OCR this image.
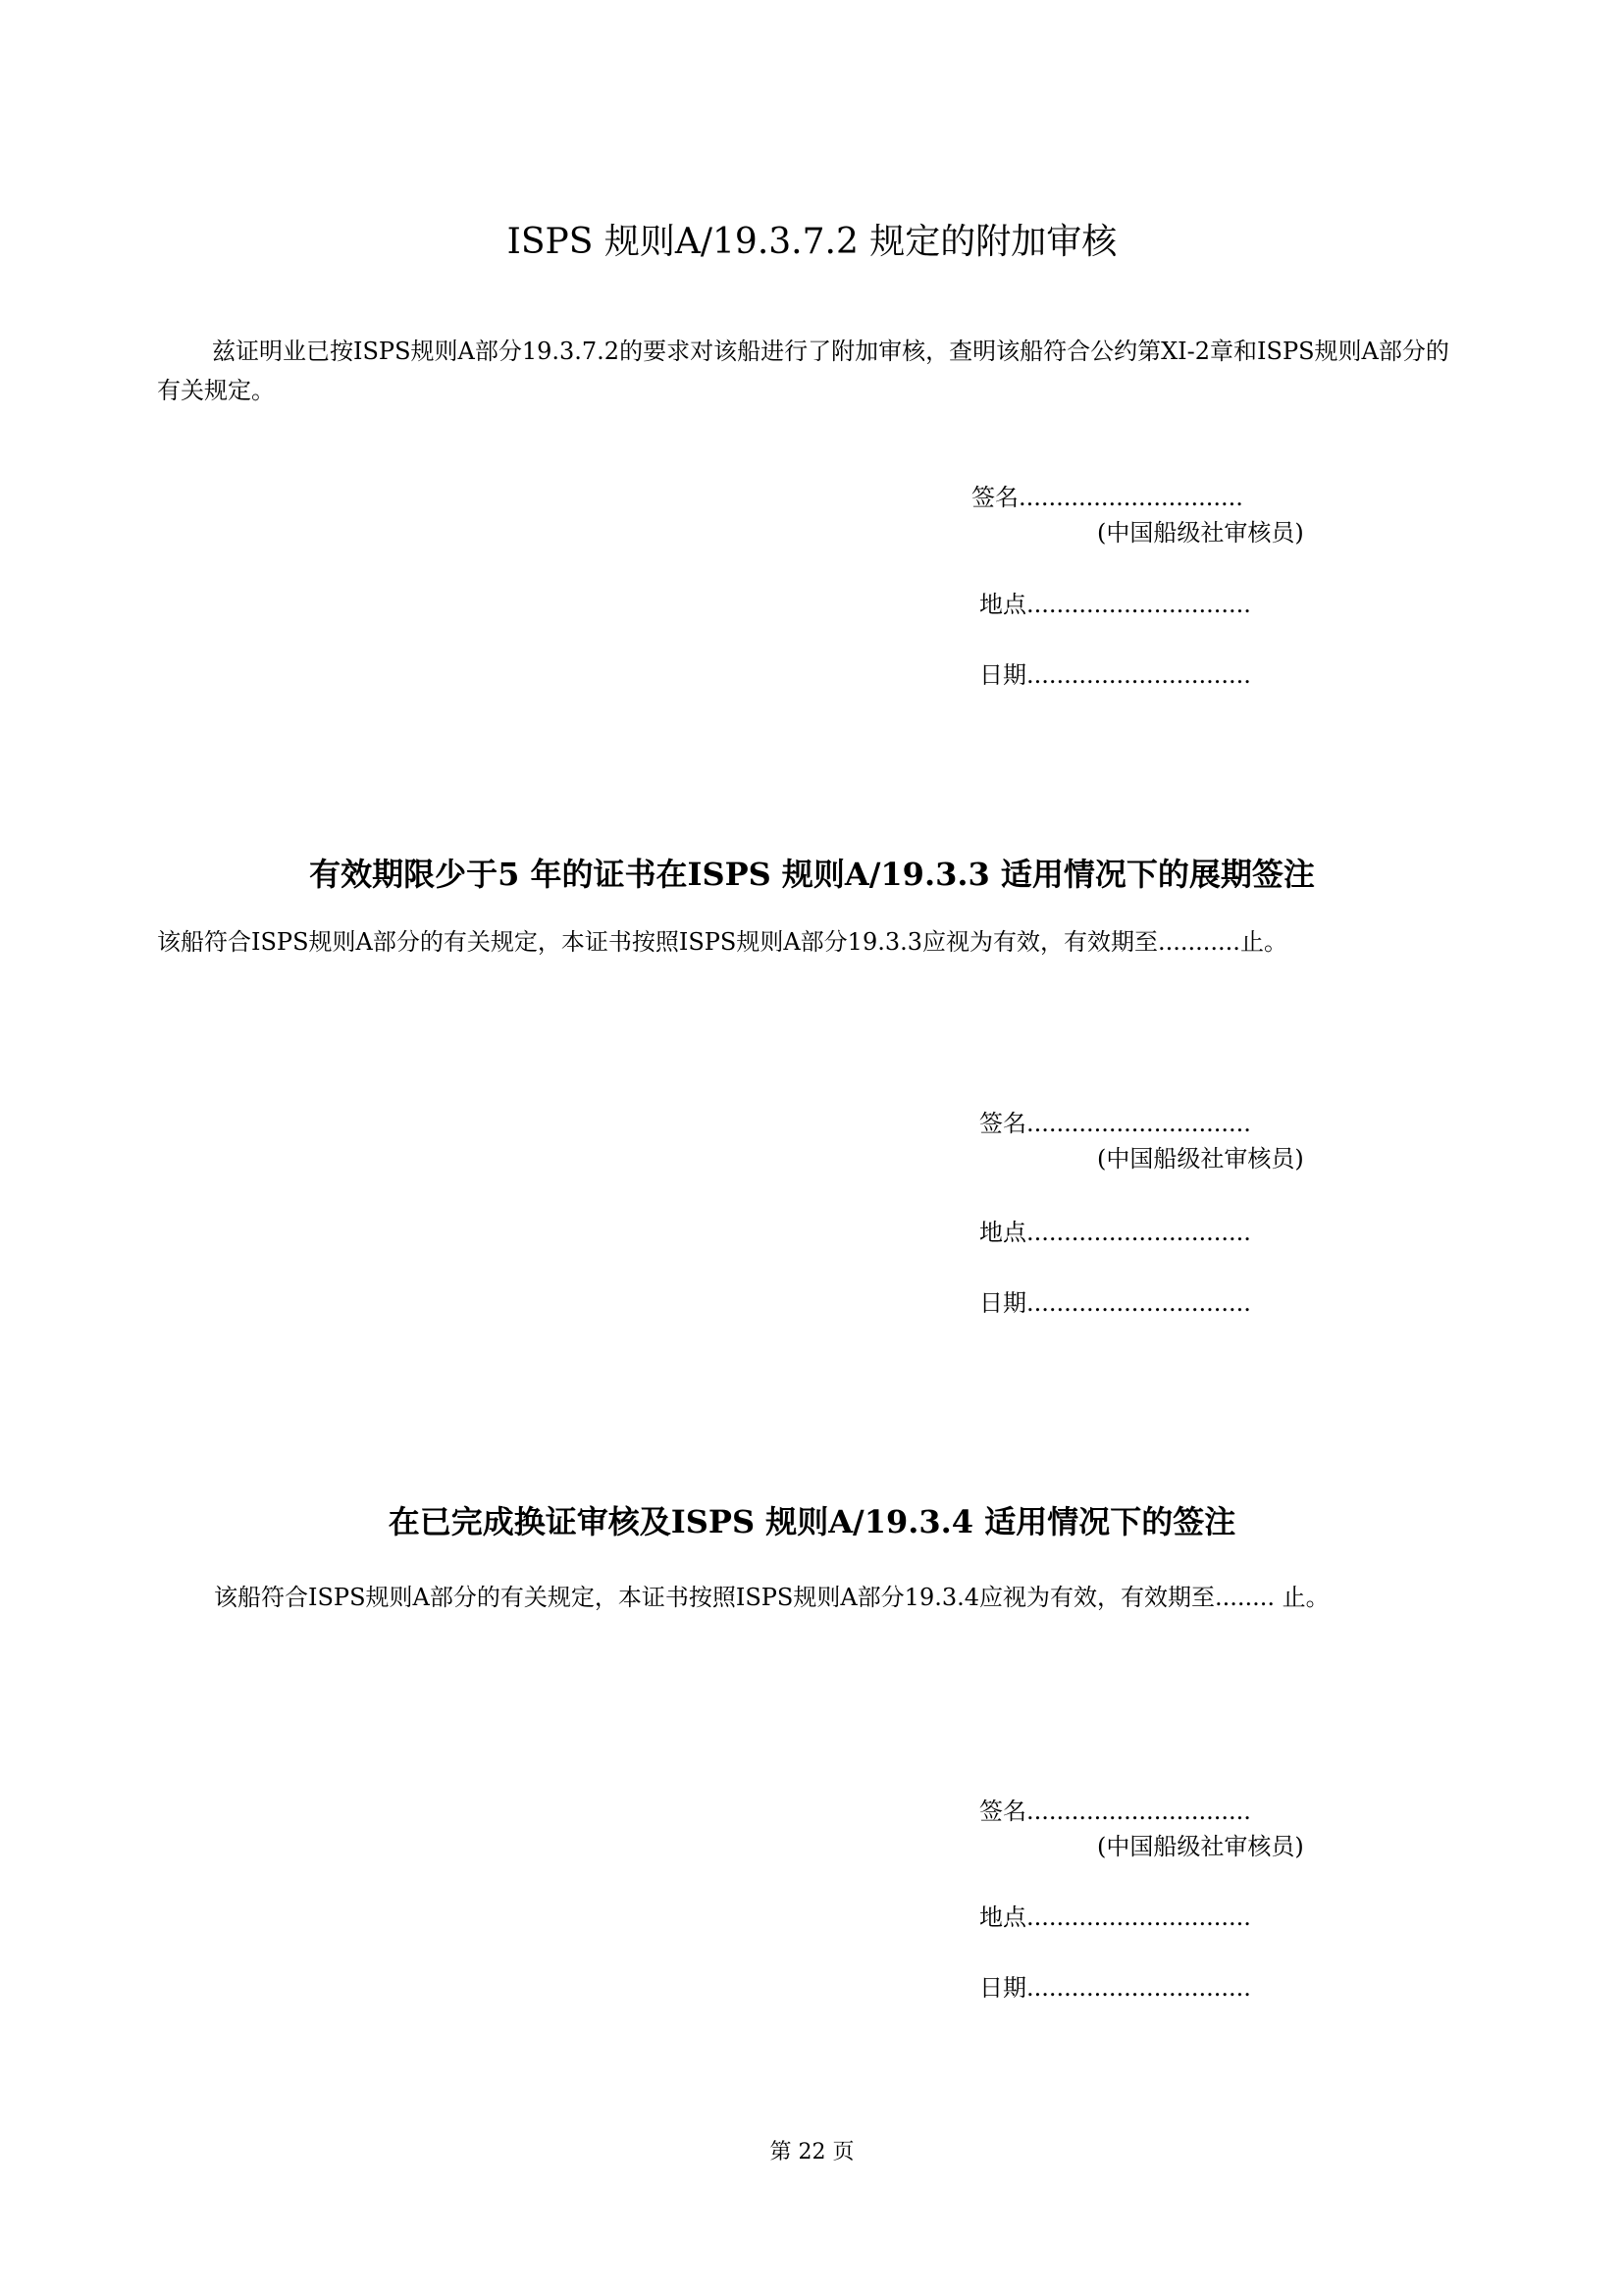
ISPS 规则A/19.3.7.2 规定的附加审核
兹证明业已按ISPS规则A部分19.3.7.2的要求对该船进行了附加审核，查明该船符合公约第XI-2章和ISPS规则A部分的有关规定。
签名..............................
(中国船级社审核员)
地点..............................
日期..............................
有效期限少于5 年的证书在ISPS 规则A/19.3.3 适用情况下的展期签注
该船符合ISPS规则A部分的有关规定，本证书按照ISPS规则A部分19.3.3应视为有效，有效期至...........止。
签名..............................
(中国船级社审核员)
地点..............................
日期..............................
在已完成换证审核及ISPS 规则A/19.3.4 适用情况下的签注
该船符合ISPS规则A部分的有关规定，本证书按照ISPS规则A部分19.3.4应视为有效，有效期至........ 止。
签名..............................
(中国船级社审核员)
地点..............................
日期..............................
第 22 页
